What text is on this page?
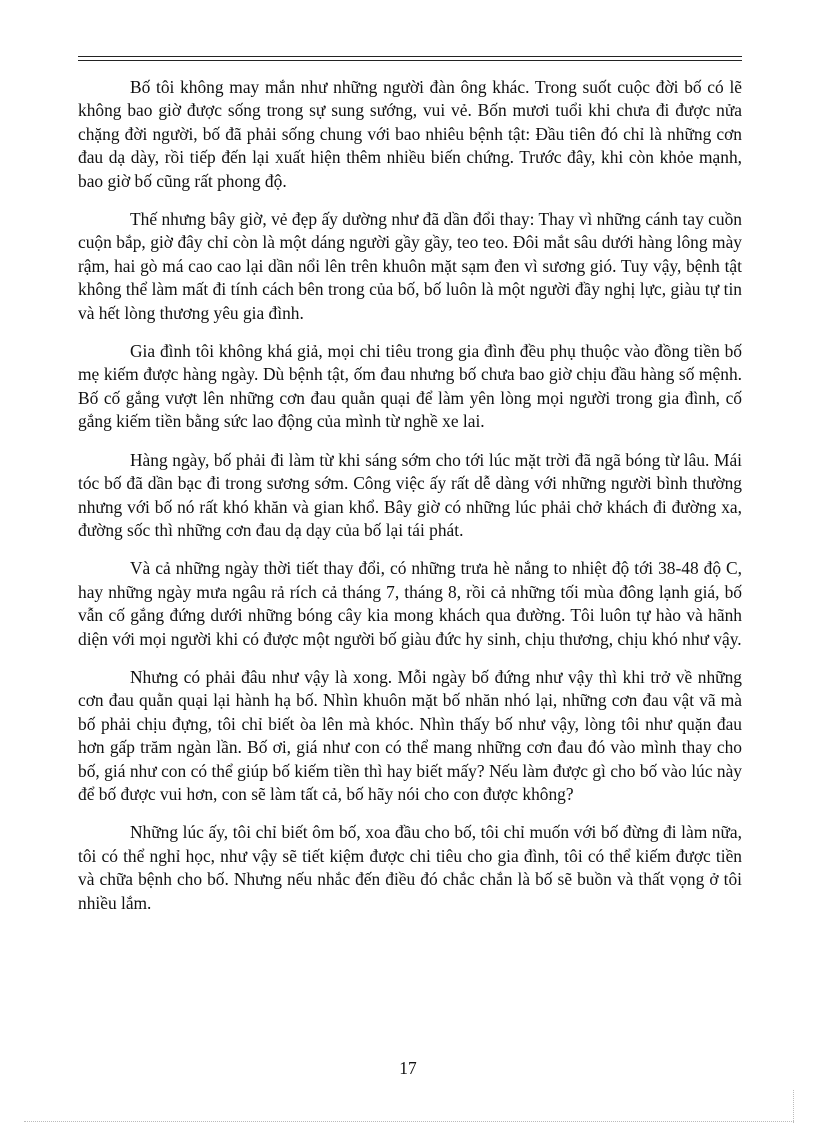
Bố tôi không may mắn như những người đàn ông khác. Trong suốt cuộc đời bố có lẽ không bao giờ được sống trong sự sung sướng, vui vẻ. Bốn mươi tuổi khi chưa đi được nửa chặng đời người, bố đã phải sống chung với bao nhiêu bệnh tật: Đầu tiên đó chỉ là những cơn đau dạ dày, rồi tiếp đến lại xuất hiện thêm nhiều biến chứng. Trước đây, khi còn khỏe mạnh, bao giờ bố cũng rất phong độ.

Thế nhưng bây giờ, vẻ đẹp ấy dường như đã dần đổi thay: Thay vì những cánh tay cuồn cuộn bắp, giờ đây chỉ còn là một dáng người gầy gầy, teo teo. Đôi mắt sâu dưới hàng lông mày rậm, hai gò má cao cao lại dần nổi lên trên khuôn mặt sạm đen vì sương gió. Tuy vậy, bệnh tật không thể làm mất đi tính cách bên trong của bố, bố luôn là một người đầy nghị lực, giàu tự tin và hết lòng thương yêu gia đình.

Gia đình tôi không khá giả, mọi chi tiêu trong gia đình đều phụ thuộc vào đồng tiền bố mẹ kiếm được hàng ngày. Dù bệnh tật, ốm đau nhưng bố chưa bao giờ chịu đầu hàng số mệnh. Bố cố gắng vượt lên những cơn đau quằn quại để làm yên lòng mọi người trong gia đình, cố gắng kiếm tiền bằng sức lao động của mình từ nghề xe lai.

Hàng ngày, bố phải đi làm từ khi sáng sớm cho tới lúc mặt trời đã ngã bóng từ lâu. Mái tóc bố đã dần bạc đi trong sương sớm. Công việc ấy rất dễ dàng với những người bình thường nhưng với bố nó rất khó khăn và gian khổ. Bây giờ có những lúc phải chở khách đi đường xa, đường sốc thì những cơn đau dạ dạy của bố lại tái phát.

Và cả những ngày thời tiết thay đổi, có những trưa hè nắng to nhiệt độ tới 38-48 độ C, hay những ngày mưa ngâu rả rích cả tháng 7, tháng 8, rồi cả những tối mùa đông lạnh giá, bố vẫn cố gắng đứng dưới những bóng cây kia mong khách qua đường. Tôi luôn tự hào và hãnh diện với mọi người khi có được một người bố giàu đức hy sinh, chịu thương, chịu khó như vậy.

Nhưng có phải đâu như vậy là xong. Mỗi ngày bố đứng như vậy thì khi trở về những cơn đau quằn quại lại hành hạ bố. Nhìn khuôn mặt bố nhăn nhó lại, những cơn đau vật vã mà bố phải chịu đựng, tôi chỉ biết òa lên mà khóc. Nhìn thấy bố như vậy, lòng tôi như quặn đau hơn gấp trăm ngàn lần. Bố ơi, giá như con có thể mang những cơn đau đó vào mình thay cho bố, giá như con có thể giúp bố kiếm tiền thì hay biết mấy? Nếu làm được gì cho bố vào lúc này để bố được vui hơn, con sẽ làm tất cả, bố hãy nói cho con được không?

Những lúc ấy, tôi chỉ biết ôm bố, xoa đầu cho bố, tôi chỉ muốn với bố đừng đi làm nữa, tôi có thể nghỉ học, như vậy sẽ tiết kiệm được chi tiêu cho gia đình, tôi có thể kiếm được tiền và chữa bệnh cho bố. Nhưng nếu nhắc đến điều đó chắc chắn là bố sẽ buồn và thất vọng ở tôi nhiều lắm.

17
